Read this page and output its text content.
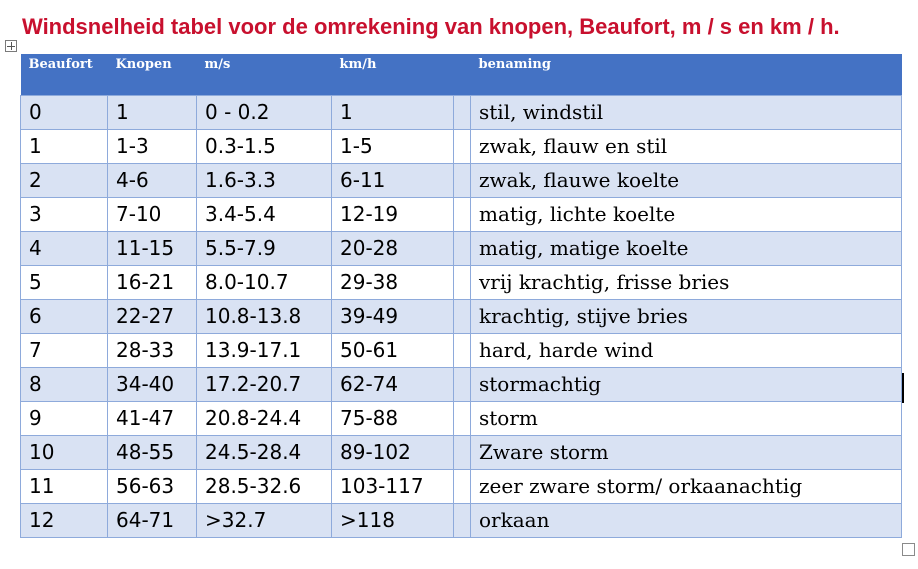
Windsnelheid tabel voor de omrekening van knopen, Beaufort, m / s en km / h.
Beaufort	Knopen	m/s	km/h		benaming
0	1	0 - 0.2	1		stil, windstil
1	1-3	0.3-1.5	1-5		zwak, flauw en stil
2	4-6	1.6-3.3	6-11		zwak, flauwe koelte
3	7-10	3.4-5.4	12-19		matig, lichte koelte
4	11-15	5.5-7.9	20-28		matig, matige koelte
5	16-21	8.0-10.7	29-38		vrij krachtig, frisse bries
6	22-27	10.8-13.8	39-49		krachtig, stijve bries
7	28-33	13.9-17.1	50-61		hard, harde wind
8	34-40	17.2-20.7	62-74		stormachtig
9	41-47	20.8-24.4	75-88		storm
10	48-55	24.5-28.4	89-102		Zware storm
11	56-63	28.5-32.6	103-117		zeer zware storm/ orkaanachtig
12	64-71	>32.7	>118		orkaan
